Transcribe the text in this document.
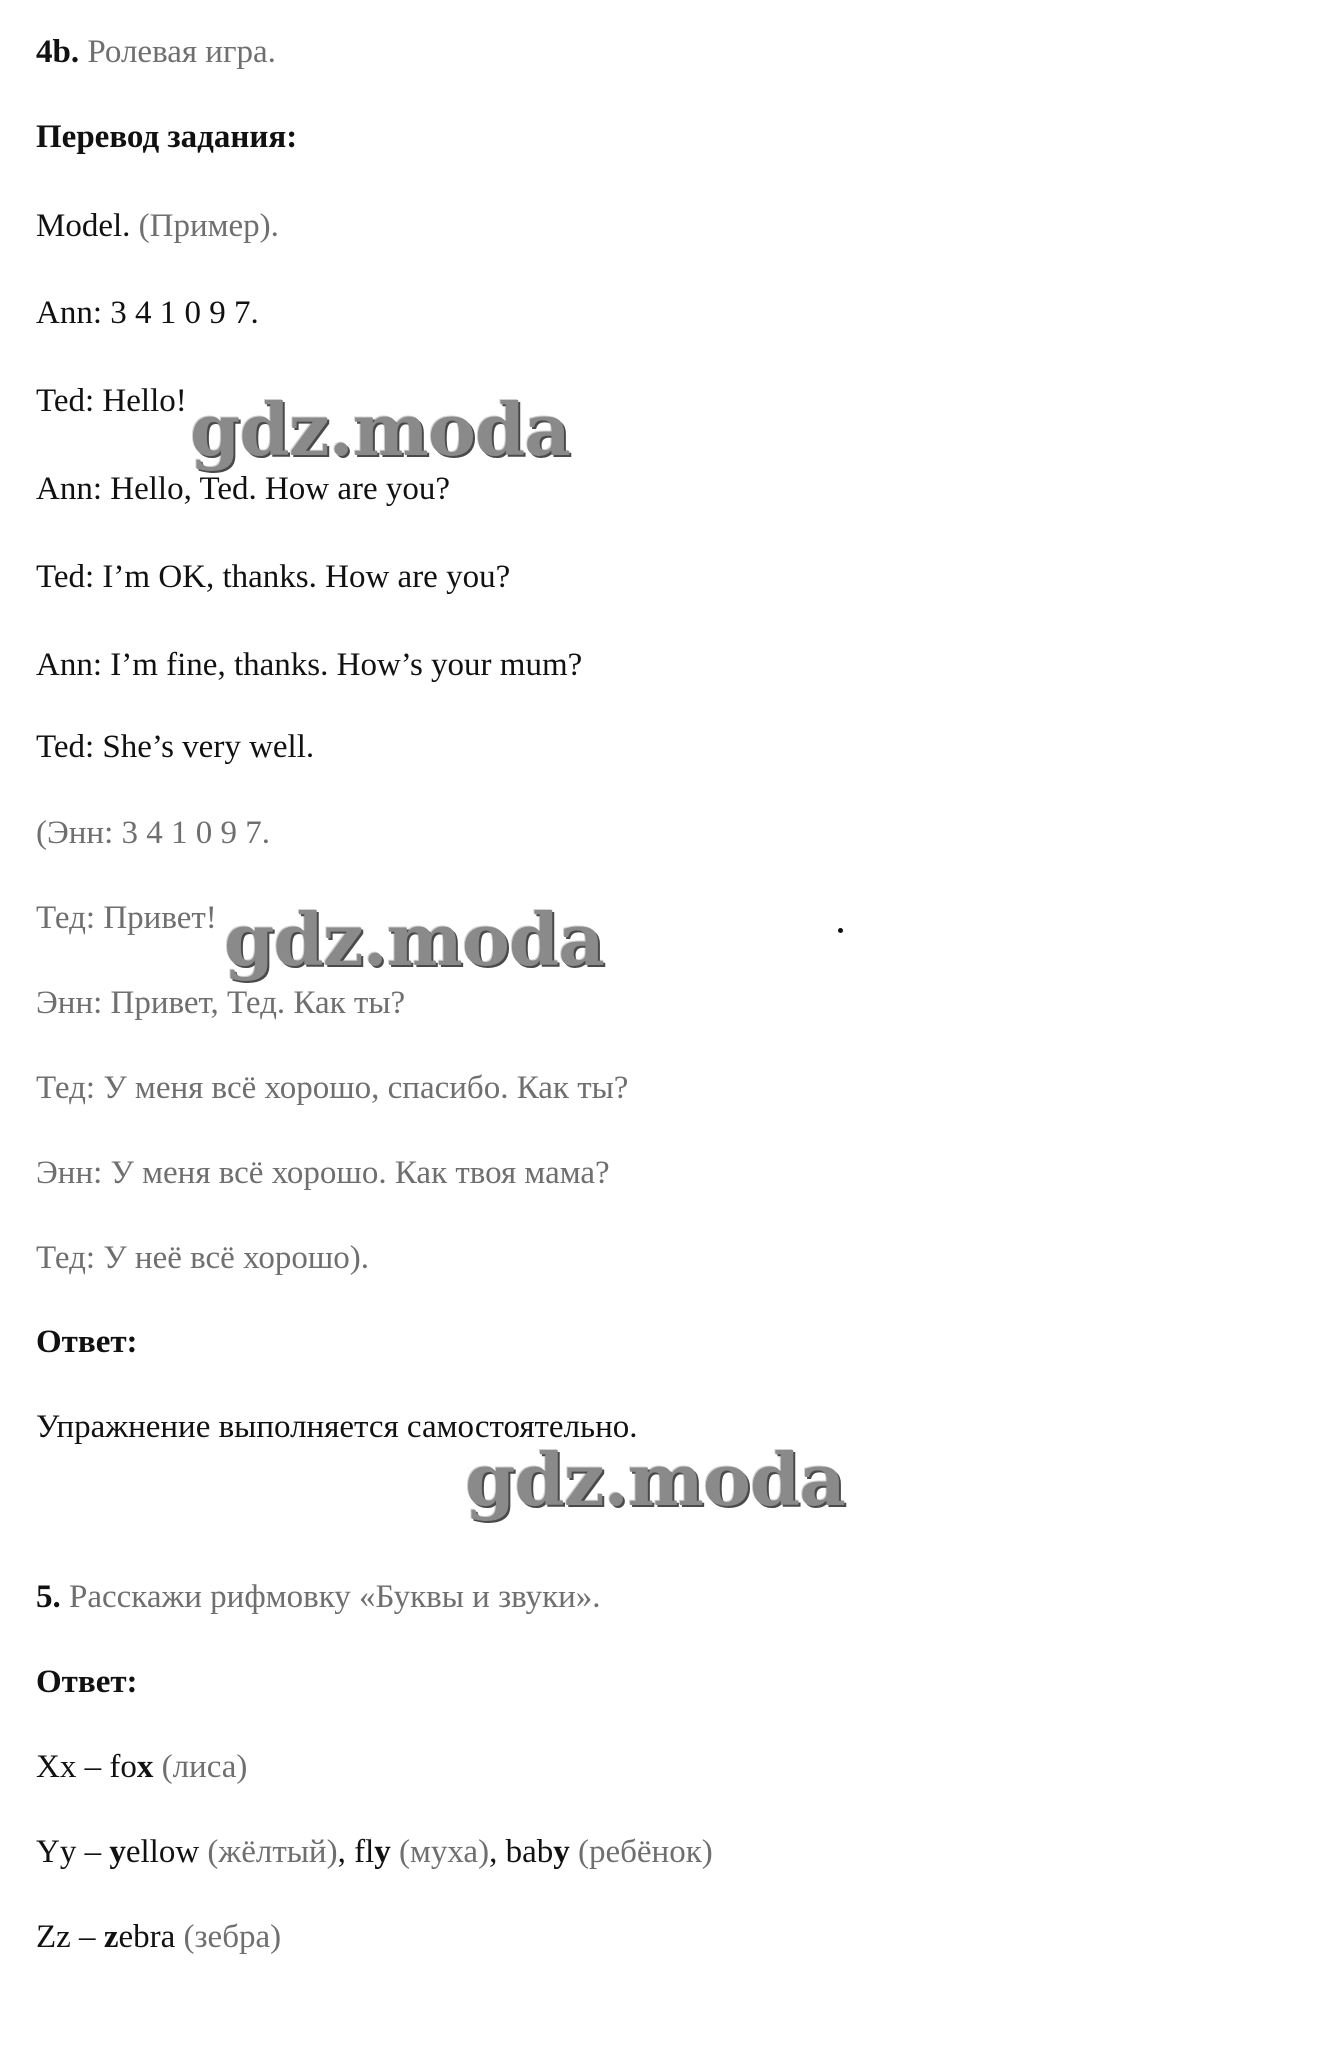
4b. Ролевая игра.
Перевод задания:
Model. (Пример).
Ann: 3 4 1 0 9 7.
Ted: Hello!
Ann: Hello, Ted. How are you?
Ted: I’m OK, thanks. How are you?
Ann: I’m fine, thanks. How’s your mum?
Ted: She’s very well.
(Энн: 3 4 1 0 9 7.
Тед: Привет!
Энн: Привет, Тед. Как ты?
Тед: У меня всё хорошо, спасибо. Как ты?
Энн: У меня всё хорошо. Как твоя мама?
Тед: У неё всё хорошо).
Ответ:
Упражнение выполняется самостоятельно.
5. Расскажи рифмовку «Буквы и звуки».
Ответ:
Xx – fox (лиса)
Yy – yellow (жёлтый), fly (муха), baby (ребёнок)
Zz – zebra (зебра)
gdz.moda
gdz.moda
gdz.moda
